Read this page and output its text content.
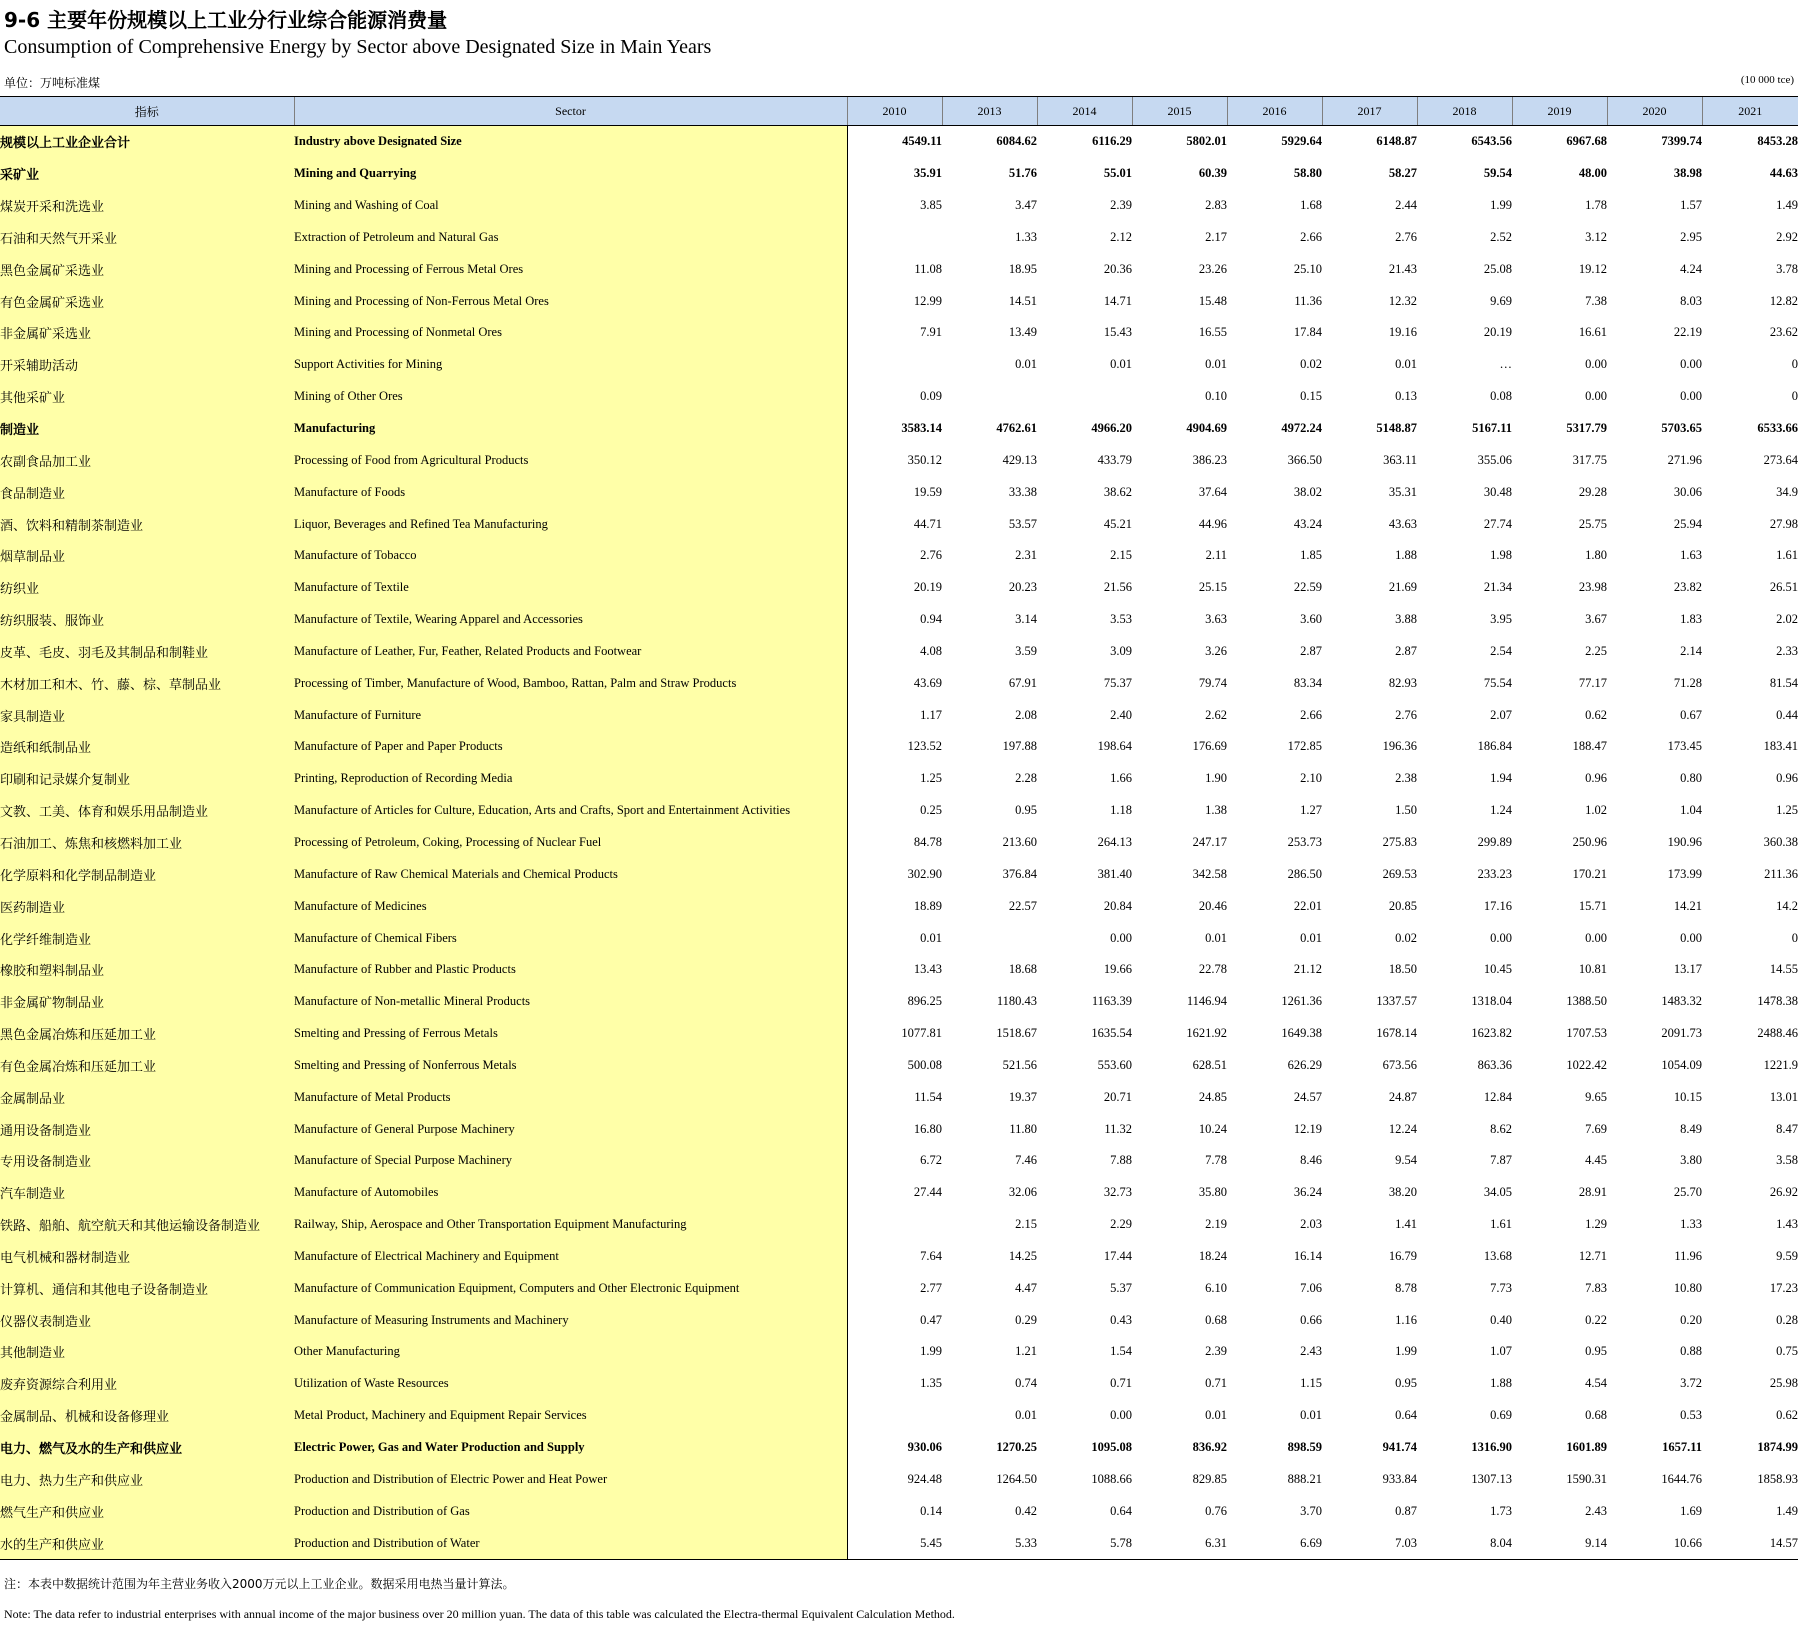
9-6 主要年份规模以上工业分行业综合能源消费量
Consumption of Comprehensive Energy by Sector above Designated Size in Main Years
单位：万吨标准煤	(10 000 tce)
指标	Sector	2010	2013	2014	2015	2016	2017	2018	2019	2020	2021
规模以上工业企业合计	Industry above Designated Size	4549.11	6084.62	6116.29	5802.01	5929.64	6148.87	6543.56	6967.68	7399.74	8453.28
采矿业	Mining and Quarrying	35.91	51.76	55.01	60.39	58.80	58.27	59.54	48.00	38.98	44.63
煤炭开采和洗选业	Mining and Washing of Coal	3.85	3.47	2.39	2.83	1.68	2.44	1.99	1.78	1.57	1.49
石油和天然气开采业	Extraction of Petroleum and Natural Gas		1.33	2.12	2.17	2.66	2.76	2.52	3.12	2.95	2.92
黑色金属矿采选业	Mining and Processing of Ferrous Metal Ores	11.08	18.95	20.36	23.26	25.10	21.43	25.08	19.12	4.24	3.78
有色金属矿采选业	Mining and Processing of Non-Ferrous Metal Ores	12.99	14.51	14.71	15.48	11.36	12.32	9.69	7.38	8.03	12.82
非金属矿采选业	Mining and Processing of Nonmetal Ores	7.91	13.49	15.43	16.55	17.84	19.16	20.19	16.61	22.19	23.62
开采辅助活动	Support Activities for Mining		0.01	0.01	0.01	0.02	0.01	…	0.00	0.00	0
其他采矿业	Mining of Other Ores	0.09			0.10	0.15	0.13	0.08	0.00	0.00	0
制造业	Manufacturing	3583.14	4762.61	4966.20	4904.69	4972.24	5148.87	5167.11	5317.79	5703.65	6533.66
农副食品加工业	Processing of Food from Agricultural Products	350.12	429.13	433.79	386.23	366.50	363.11	355.06	317.75	271.96	273.64
食品制造业	Manufacture of Foods	19.59	33.38	38.62	37.64	38.02	35.31	30.48	29.28	30.06	34.9
酒、饮料和精制茶制造业	Liquor, Beverages and Refined Tea Manufacturing	44.71	53.57	45.21	44.96	43.24	43.63	27.74	25.75	25.94	27.98
烟草制品业	Manufacture of Tobacco	2.76	2.31	2.15	2.11	1.85	1.88	1.98	1.80	1.63	1.61
纺织业	Manufacture of Textile	20.19	20.23	21.56	25.15	22.59	21.69	21.34	23.98	23.82	26.51
纺织服装、服饰业	Manufacture of Textile, Wearing Apparel and Accessories	0.94	3.14	3.53	3.63	3.60	3.88	3.95	3.67	1.83	2.02
皮革、毛皮、羽毛及其制品和制鞋业	Manufacture of Leather, Fur, Feather, Related Products and Footwear	4.08	3.59	3.09	3.26	2.87	2.87	2.54	2.25	2.14	2.33
木材加工和木、竹、藤、棕、草制品业	Processing of Timber, Manufacture of Wood, Bamboo, Rattan, Palm and Straw Products	43.69	67.91	75.37	79.74	83.34	82.93	75.54	77.17	71.28	81.54
家具制造业	Manufacture of Furniture	1.17	2.08	2.40	2.62	2.66	2.76	2.07	0.62	0.67	0.44
造纸和纸制品业	Manufacture of Paper and Paper Products	123.52	197.88	198.64	176.69	172.85	196.36	186.84	188.47	173.45	183.41
印刷和记录媒介复制业	Printing, Reproduction of Recording Media	1.25	2.28	1.66	1.90	2.10	2.38	1.94	0.96	0.80	0.96
文教、工美、体育和娱乐用品制造业	Manufacture of Articles for Culture, Education, Arts and Crafts, Sport and Entertainment Activities	0.25	0.95	1.18	1.38	1.27	1.50	1.24	1.02	1.04	1.25
石油加工、炼焦和核燃料加工业	Processing of Petroleum, Coking, Processing of Nuclear Fuel	84.78	213.60	264.13	247.17	253.73	275.83	299.89	250.96	190.96	360.38
化学原料和化学制品制造业	Manufacture of Raw Chemical Materials and Chemical Products	302.90	376.84	381.40	342.58	286.50	269.53	233.23	170.21	173.99	211.36
医药制造业	Manufacture of Medicines	18.89	22.57	20.84	20.46	22.01	20.85	17.16	15.71	14.21	14.2
化学纤维制造业	Manufacture of Chemical Fibers	0.01		0.00	0.01	0.01	0.02	0.00	0.00	0.00	0
橡胶和塑料制品业	Manufacture of Rubber and Plastic Products	13.43	18.68	19.66	22.78	21.12	18.50	10.45	10.81	13.17	14.55
非金属矿物制品业	Manufacture of Non-metallic Mineral Products	896.25	1180.43	1163.39	1146.94	1261.36	1337.57	1318.04	1388.50	1483.32	1478.38
黑色金属冶炼和压延加工业	Smelting and Pressing of Ferrous Metals	1077.81	1518.67	1635.54	1621.92	1649.38	1678.14	1623.82	1707.53	2091.73	2488.46
有色金属冶炼和压延加工业	Smelting and Pressing of Nonferrous Metals	500.08	521.56	553.60	628.51	626.29	673.56	863.36	1022.42	1054.09	1221.9
金属制品业	Manufacture of Metal Products	11.54	19.37	20.71	24.85	24.57	24.87	12.84	9.65	10.15	13.01
通用设备制造业	Manufacture of General Purpose Machinery	16.80	11.80	11.32	10.24	12.19	12.24	8.62	7.69	8.49	8.47
专用设备制造业	Manufacture of Special Purpose Machinery	6.72	7.46	7.88	7.78	8.46	9.54	7.87	4.45	3.80	3.58
汽车制造业	Manufacture of Automobiles	27.44	32.06	32.73	35.80	36.24	38.20	34.05	28.91	25.70	26.92
铁路、船舶、航空航天和其他运输设备制造业	Railway, Ship, Aerospace and Other Transportation Equipment Manufacturing		2.15	2.29	2.19	2.03	1.41	1.61	1.29	1.33	1.43
电气机械和器材制造业	Manufacture of Electrical Machinery and Equipment	7.64	14.25	17.44	18.24	16.14	16.79	13.68	12.71	11.96	9.59
计算机、通信和其他电子设备制造业	Manufacture of Communication Equipment, Computers and Other Electronic Equipment	2.77	4.47	5.37	6.10	7.06	8.78	7.73	7.83	10.80	17.23
仪器仪表制造业	Manufacture of Measuring Instruments and Machinery	0.47	0.29	0.43	0.68	0.66	1.16	0.40	0.22	0.20	0.28
其他制造业	Other Manufacturing	1.99	1.21	1.54	2.39	2.43	1.99	1.07	0.95	0.88	0.75
废弃资源综合利用业	Utilization of Waste Resources	1.35	0.74	0.71	0.71	1.15	0.95	1.88	4.54	3.72	25.98
金属制品、机械和设备修理业	Metal Product, Machinery and Equipment Repair Services		0.01	0.00	0.01	0.01	0.64	0.69	0.68	0.53	0.62
电力、燃气及水的生产和供应业	Electric Power, Gas and Water Production and Supply	930.06	1270.25	1095.08	836.92	898.59	941.74	1316.90	1601.89	1657.11	1874.99
电力、热力生产和供应业	Production and Distribution of Electric Power and Heat Power	924.48	1264.50	1088.66	829.85	888.21	933.84	1307.13	1590.31	1644.76	1858.93
燃气生产和供应业	Production and Distribution of Gas	0.14	0.42	0.64	0.76	3.70	0.87	1.73	2.43	1.69	1.49
水的生产和供应业	Production and Distribution of Water	5.45	5.33	5.78	6.31	6.69	7.03	8.04	9.14	10.66	14.57
注：本表中数据统计范围为年主营业务收入2000万元以上工业企业。数据采用电热当量计算法。
Note: The data refer to industrial enterprises with annual income of the major business over 20 million yuan. The data of this table was calculated the Electra-thermal Equivalent Calculation Method.
